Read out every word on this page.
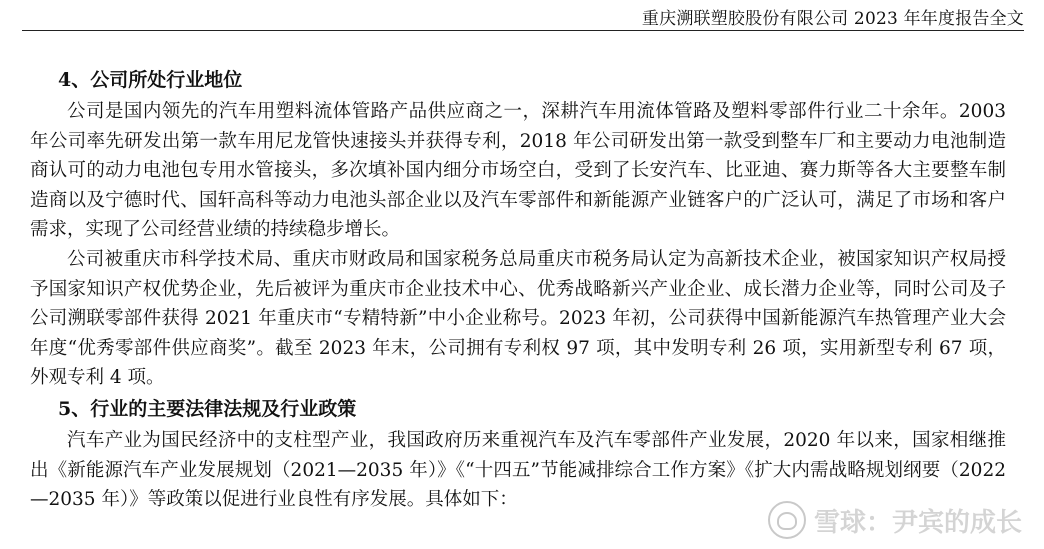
重庆溯联塑胶股份有限公司 2023 年年度报告全文
4、公司所处行业地位

公司是国内领先的汽车用塑料流体管路产品供应商之一，深耕汽车用流体管路及塑料零部件行业二十余年。2003 年公司率先研发出第一款车用尼龙管快速接头并获得专利，2018 年公司研发出第一款受到整车厂和主要动力电池制造商认可的动力电池包专用水管接头，多次填补国内细分市场空白，受到了长安汽车、比亚迪、赛力斯等各大主要整车制造商以及宁德时代、国轩高科等动力电池头部企业以及汽车零部件和新能源产业链客户的广泛认可，满足了市场和客户需求，实现了公司经营业绩的持续稳步增长。

公司被重庆市科学技术局、重庆市财政局和国家税务总局重庆市税务局认定为高新技术企业，被国家知识产权局授予国家知识产权优势企业，先后被评为重庆市企业技术中心、优秀战略新兴产业企业、成长潜力企业等，同时公司及子公司溯联零部件获得 2021 年重庆市“专精特新”中小企业称号。2023 年初，公司获得中国新能源汽车热管理产业大会年度“优秀零部件供应商奖”。截至 2023 年末，公司拥有专利权 97 项，其中发明专利 26 项，实用新型专利 67 项，外观专利 4 项。

5、行业的主要法律法规及行业政策

汽车产业为国民经济中的支柱型产业，我国政府历来重视汽车及汽车零部件产业发展，2020 年以来，国家相继推出《新能源汽车产业发展规划（2021—2035 年）》《“十四五”节能减排综合工作方案》《扩大内需战略规划纲要（2022—2035 年）》等政策以促进行业良性有序发展。具体如下：

雪球：尹宾的成长
